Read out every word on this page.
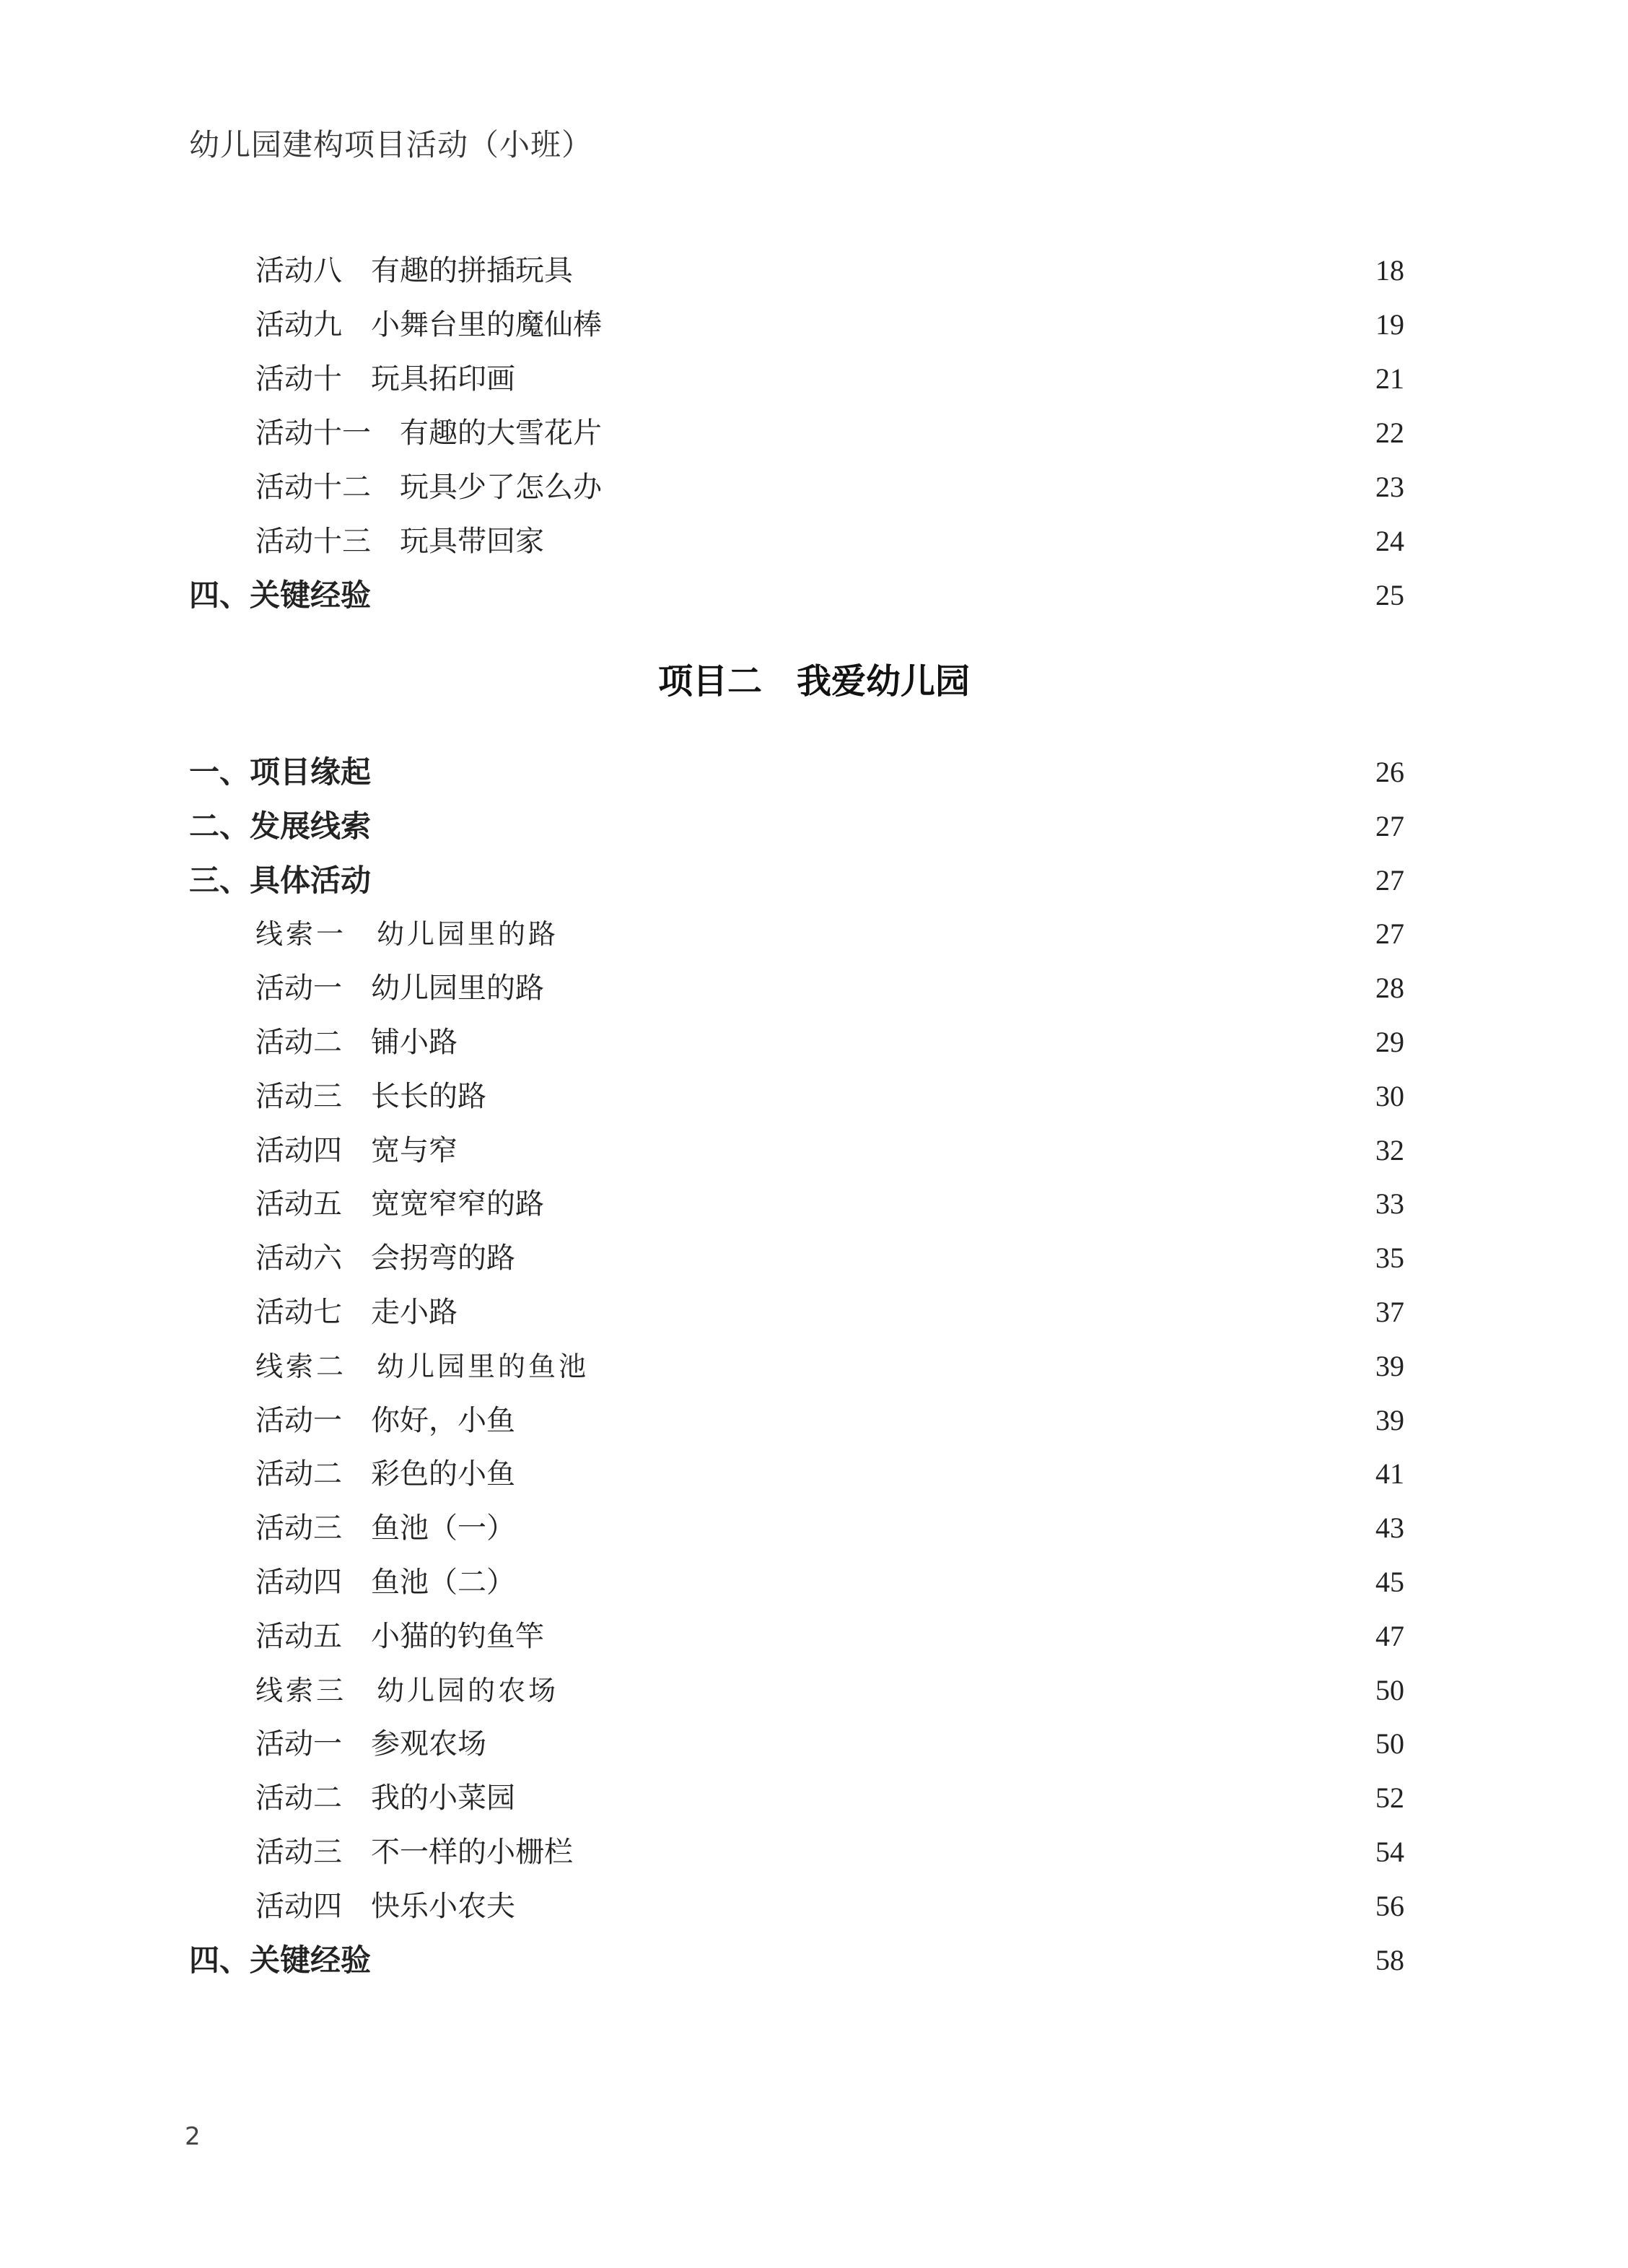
幼儿园建构项目活动（小班）
活动八　有趣的拼插玩具	18
活动九　小舞台里的魔仙棒	19
活动十　玩具拓印画	21
活动十一　有趣的大雪花片	22
活动十二　玩具少了怎么办	23
活动十三　玩具带回家	24
四、关键经验	25
项目二　我爱幼儿园
一、项目缘起	26
二、发展线索	27
三、具体活动	27
线索一　幼儿园里的路	27
活动一　幼儿园里的路	28
活动二　铺小路	29
活动三　长长的路	30
活动四　宽与窄	32
活动五　宽宽窄窄的路	33
活动六　会拐弯的路	35
活动七　走小路	37
线索二　幼儿园里的鱼池	39
活动一　你好，小鱼	39
活动二　彩色的小鱼	41
活动三　鱼池（一）	43
活动四　鱼池（二）	45
活动五　小猫的钓鱼竿	47
线索三　幼儿园的农场	50
活动一　参观农场	50
活动二　我的小菜园	52
活动三　不一样的小栅栏	54
活动四　快乐小农夫	56
四、关键经验	58
2
